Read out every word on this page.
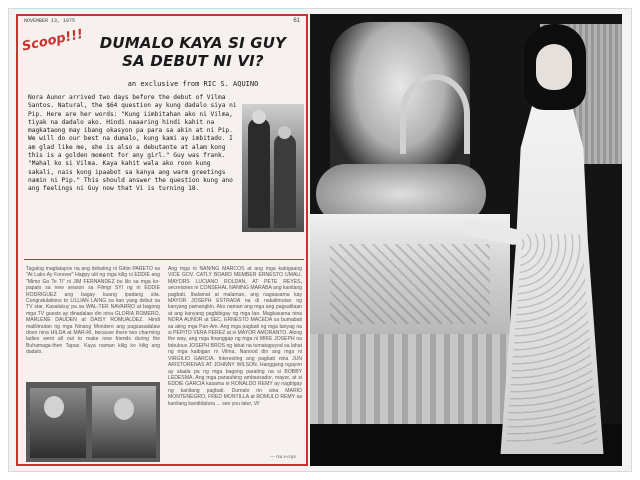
NOVEMBER 13, 1975	61
Scoop!!!	DUMALO KAYA SI GUY
SA DEBUT NI VI?
an exclusive from RIC S. AQUINO
Nora Aunor arrived two days before the debut of Vilma Santos. Natural, the $64 question ay kung dadalo siya ni Pip. Here are her words: "Kung iimbitahan ako ni Vilma, tiyak na dadalo ako. Hindi naaaring hindi kahit na magkataong may ibang okasyon pa para sa akin at ni Pip. We will do our best na dumalo, kung kami ay imbitado. I am glad like me, she is also a debutante at alam kong this is a golden moment for any girl." Guy was frank. "Mahal ko si Vilma. Kaya kahit wala ako roon kung sakali, nais kong ipaabot sa kanya ang warm greetings namin ni Pip." This should answer the question kung ano ang feelings ni Guy now that Vi is turning 18.
Tagalog magtatapos na ang debating ni Gibin PARETO sa "At Lako Ay Forever" Happy ulit ng mga kilig ni EDDIE ang "Mimo Go Te Ti" ni JIM FERNANDEZ bu lilo sa mga ko-papalo sa new season sa Filmgi SYI ng ni EDDIE RODRIGUEZ ang bagay kuang ipadang sila. Congratulations to LILLIAN LAING sa kan yang debut sa TV star, Kasalukuy pa sa WAL-TER NAVARRO at bagong mga TV guests ay dinadalaw din nina GLORIA ROMERO, MARLENE DAUDEN at DAISY ROMUALDEZ. Hindi malilimutan ng mga Ninang Mondero ang pagsasadalaw doon nina HILDA at MAR-RI, because there two charming ladies went all out to make new friends during the Buhamaga-then Tapas. Kaya naman kilig ko kilig ang dadalo.
Ang mga ni NANING MARCOS at ang mga kabigaang VICE GOV. CATLY BOARD MEMBER ERNESTO UMALI, MAYORS LUCIANO ROLDAN, AT PETE REYES, secretaries ni CONSEHAL NANING MARABA ang kanilang pagbati. Ibalamat at malaman, ang nagsasama kay MAYOR JOSEPH ESTRADA na di nakalimutan ng kanyang pamangkin. Ako naman ang mga ang pagsalitaan at ang kanyang pagbibigay ng mga tao. Magkasama nina NORA AUNOR at SEC. ERNESTO MACEDA sa bumabati sa ating mga Pan-Am. Ang mga pagbati ng mga tanyag na si PEPITO VERA PEREZ at si MAYOR AMORANTO. Along the way, ang mga tinanggap ng mga ni MIKE JOSEPH na fabulous JOSEPH BROS ng lahat na tumataguyod sa lahat ng mga kaibigan ni Vilma. Nanood din ang mga ni VIRGILIO GARCIA. Interesting ang pagbati nina JUN ARISTORENAS AT JOHNNY WILSON. Hanggang ngayon ay alaala pa ng mga bagong parating na si BOBBY LEDESMA. Ang mga panauhing ambassador, mayor, at si EDDIE GARCIA kasama ni RONALDO REMY ay nagbigay ng kanilang pagbati. Dumalo rin sina MARIO MONTENEGRO, FRED MONTILLA at ROMULO REMY sa kanilang kandidatura ... see you later, Vi!
— rsa x-rays
